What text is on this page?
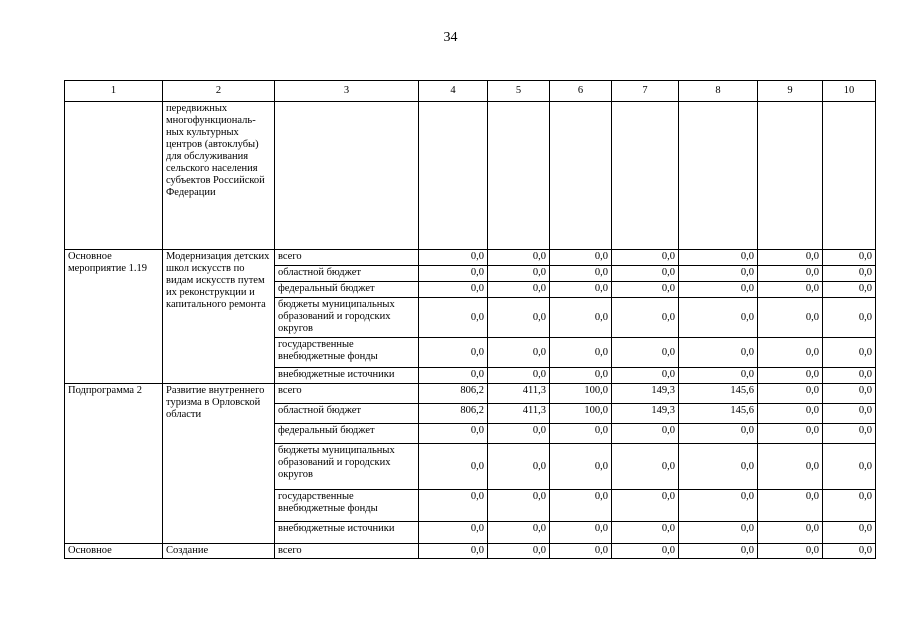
34
1	2	3	4	5	6	7	8	9	10
	передвижных многофункциональ-ных культурных центров (автоклубы) для обслуживания сельского населения субъектов Российской Федерации								
Основное мероприятие 1.19	Модернизация детских школ искусств по видам искусств путем их реконструкции и капитального ремонта	всего	0,0	0,0	0,0	0,0	0,0	0,0	0,0
		областной бюджет	0,0	0,0	0,0	0,0	0,0	0,0	0,0
		федеральный бюджет	0,0	0,0	0,0	0,0	0,0	0,0	0,0
		бюджеты муниципальных образований и городских округов	0,0	0,0	0,0	0,0	0,0	0,0	0,0
		государственные внебюджетные фонды	0,0	0,0	0,0	0,0	0,0	0,0	0,0
		внебюджетные источники	0,0	0,0	0,0	0,0	0,0	0,0	0,0
Подпрограмма 2	Развитие внутреннего туризма в Орловской области	всего	806,2	411,3	100,0	149,3	145,6	0,0	0,0
		областной бюджет	806,2	411,3	100,0	149,3	145,6	0,0	0,0
		федеральный бюджет	0,0	0,0	0,0	0,0	0,0	0,0	0,0
		бюджеты муниципальных образований и городских округов	0,0	0,0	0,0	0,0	0,0	0,0	0,0
		государственные внебюджетные фонды	0,0	0,0	0,0	0,0	0,0	0,0	0,0
		внебюджетные источники	0,0	0,0	0,0	0,0	0,0	0,0	0,0
Основное	Создание	всего	0,0	0,0	0,0	0,0	0,0	0,0	0,0
